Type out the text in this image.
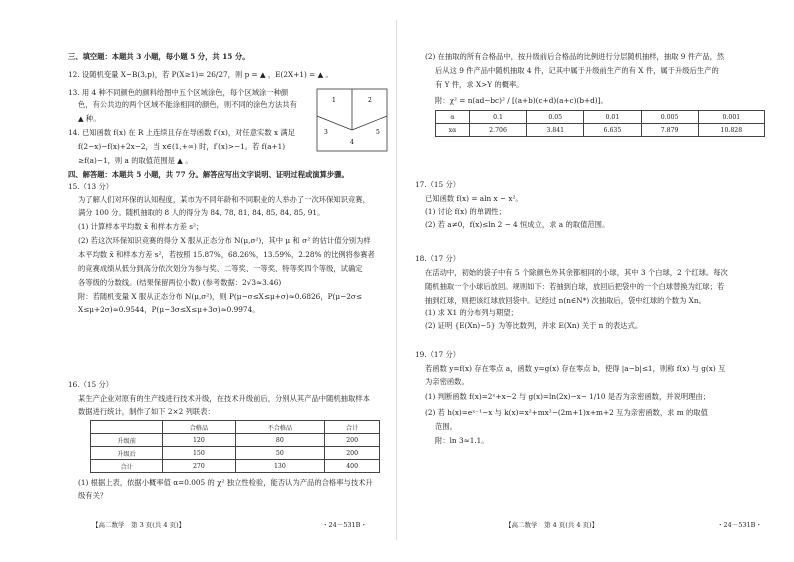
三、填空题：本题共 3 小题，每小题 5 分，共 15 分。
12. 设随机变量 X~B(3,p)，若 P(X≥1)= 26/27，则 p = ▲ ，E(2X+1) = ▲ 。
13. 用 4 种不同颜色的颜料给图中五个区域涂色，每个区域涂一种颜
色，有公共边的两个区域不能涂相同的颜色，则不同的涂色方法共有
▲ 种。
1	2
3
4
5
14. 已知函数 f(x) 在 R 上连续且存在导函数 f′(x)，对任意实数 x 满足
f(2−x)−f(x)+2x−2，当 x∈(1,+∞) 时，f′(x)>−1。若 f(a+1)
≥f(a)−1，则 a 的取值范围是 ▲ 。
四、解答题：本题共 5 小题，共 77 分。解答应写出文字说明、证明过程或演算步骤。
15.（13 分）
为了解人们对环保的认知程度，某市为不同年龄和不同职业的人举办了一次环保知识竞赛，
满分 100 分。随机抽取的 8 人的得分为 84, 78, 81, 84, 85, 84, 85, 91。
(1) 计算样本平均数 x̄ 和样本方差 s²；
(2) 若这次环保知识竞赛的得分 X 服从正态分布 N(μ,σ²)，其中 μ 和 σ² 的估计值分别为样
本平均数 x̄ 和样本方差 s²，若按照 15.87%，68.26%，13.59%，2.28% 的比例将参赛者
的竞赛成绩从低分到高分依次划分为参与奖、二等奖、一等奖、特等奖四个等级，试确定
各等级的分数线。(结果保留两位小数) (参考数据：2√3≈3.46)
附：若随机变量 X 服从正态分布 N(μ,σ²)，则 P(μ−σ≤X≤μ+σ)≈0.6826，P(μ−2σ≤
X≤μ+2σ)≈0.9544，P(μ−3σ≤X≤μ+3σ)≈0.9974。
16.（15 分）
某生产企业对原有的生产线进行技术升级，在技术升级前后，分别从其产品中随机抽取样本
数据进行统计，制作了如下 2×2 列联表：
	合格品	不合格品	合计
升级前	120	80	200
升级后	150	50	200
合计	270	130	400
(1) 根据上表，依据小概率值 α=0.005 的 χ² 独立性检验，能否认为产品的合格率与技术升
级有关？
【高二数学　第 3 页(共 4 页)】	・24－531B・
(2) 在抽取的所有合格品中，按升级前后合格品的比例进行分层随机抽样，抽取 9 件产品，然
后从这 9 件产品中随机抽取 4 件，记其中属于升级前生产的有 X 件，属于升级后生产的
有 Y 件，求 X>Y 的概率。
附：χ² = n(ad−bc)² / [(a+b)(c+d)(a+c)(b+d)]。
α	0.1	0.05	0.01	0.005	0.001
xα	2.706	3.841	6.635	7.879	10.828
17.（15 分）
已知函数 f(x) = aln x − x²。
(1) 讨论 f(x) 的单调性；
(2) 若 a≠0，f(x)≤ln 2 − 4 恒成立，求 a 的取值范围。
18.（17 分）
在活动中，初始的袋子中有 5 个除颜色外其余都相同的小球，其中 3 个白球，2 个红球。每次
随机抽取一个小球后放回。规则如下：若抽到白球，放回后把袋中的一个白球替换为红球；若
抽到红球，则把该红球放回袋中。记经过 n(n∈N*) 次抽取后，袋中红球的个数为 Xn。
(1) 求 X1 的分布列与期望；
(2) 证明 {E(Xn)−5} 为等比数列，并求 E(Xn) 关于 n 的表达式。
19.（17 分）
若函数 y=f(x) 存在零点 a，函数 y=g(x) 存在零点 b，使得 |a−b|≤1，则称 f(x) 与 g(x) 互
为亲密函数。
(1) 判断函数 f(x)=2ˣ+x−2 与 g(x)=ln(2x)−x− 1/10 是否为亲密函数，并说明理由；
(2) 若 h(x)=eˣ⁻¹−x 与 k(x)=x²+mx²−(2m+1)x+m+2 互为亲密函数，求 m 的取值
范围。
附：ln 3≈1.1。
【高二数学　第 4 页(共 4 页)】	・24－531B・
